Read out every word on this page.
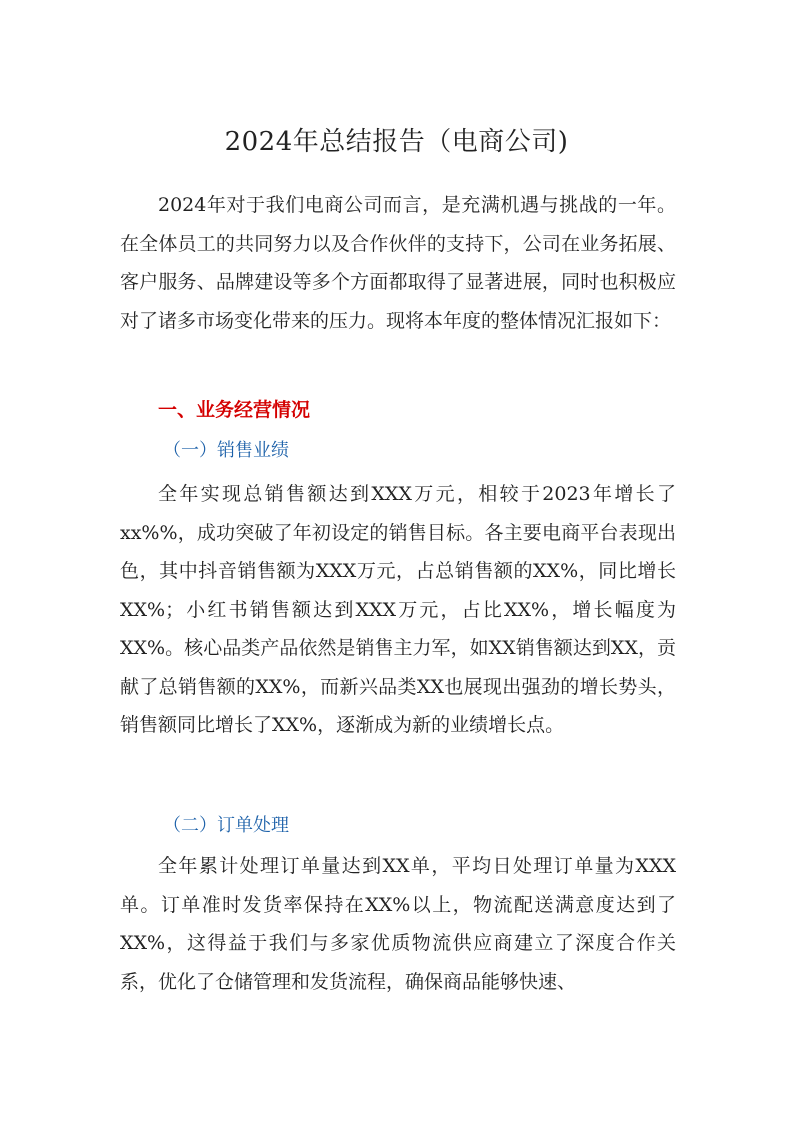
2024年总结报告（电商公司)

2024年对于我们电商公司而言，是充满机遇与挑战的一年。在全体员工的共同努力以及合作伙伴的支持下，公司在业务拓展、客户服务、品牌建设等多个方面都取得了显著进展，同时也积极应对了诸多市场变化带来的压力。现将本年度的整体情况汇报如下：

一、业务经营情况
（一）销售业绩

全年实现总销售额达到XXX万元，相较于2023年增长了xx%%，成功突破了年初设定的销售目标。各主要电商平台表现出色，其中抖音销售额为XXX万元，占总销售额的XX%，同比增长XX%；小红书销售额达到XXX万元，占比XX%，增长幅度为XX%。核心品类产品依然是销售主力军，如XX销售额达到XX，贡献了总销售额的XX%，而新兴品类XX也展现出强劲的增长势头，销售额同比增长了XX%，逐渐成为新的业绩增长点。

（二）订单处理

全年累计处理订单量达到XX单，平均日处理订单量为XXX单。订单准时发货率保持在XX%以上，物流配送满意度达到了XX%，这得益于我们与多家优质物流供应商建立了深度合作关系，优化了仓储管理和发货流程，确保商品能够快速、
